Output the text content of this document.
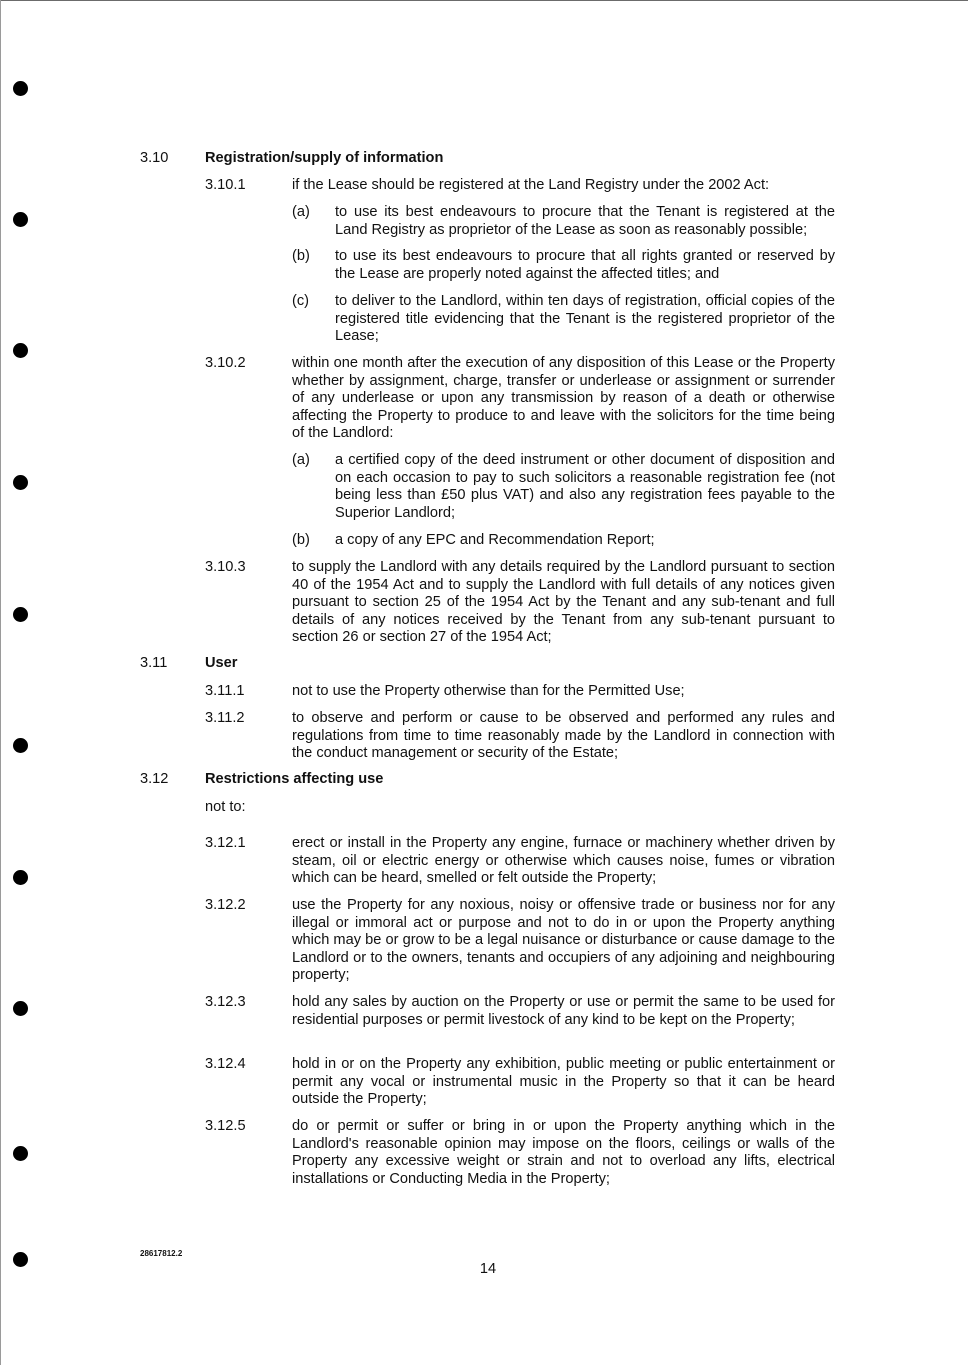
3.10	Registration/supply of information
3.10.1	if the Lease should be registered at the Land Registry under the 2002 Act:
(a) to use its best endeavours to procure that the Tenant is registered at the Land Registry as proprietor of the Lease as soon as reasonably possible;
(b) to use its best endeavours to procure that all rights granted or reserved by the Lease are properly noted against the affected titles; and
(c) to deliver to the Landlord, within ten days of registration, official copies of the registered title evidencing that the Tenant is the registered proprietor of the Lease;
3.10.2	within one month after the execution of any disposition of this Lease or the Property whether by assignment, charge, transfer or underlease or assignment or surrender of any underlease or upon any transmission by reason of a death or otherwise affecting the Property to produce to and leave with the solicitors for the time being of the Landlord:
(a) a certified copy of the deed instrument or other document of disposition and on each occasion to pay to such solicitors a reasonable registration fee (not being less than £50 plus VAT) and also any registration fees payable to the Superior Landlord;
(b) a copy of any EPC and Recommendation Report;
3.10.3	to supply the Landlord with any details required by the Landlord pursuant to section 40 of the 1954 Act and to supply the Landlord with full details of any notices given pursuant to section 25 of the 1954 Act by the Tenant and any sub-tenant and full details of any notices received by the Tenant from any sub-tenant pursuant to section 26 or section 27 of the 1954 Act;
3.11	User
3.11.1	not to use the Property otherwise than for the Permitted Use;
3.11.2	to observe and perform or cause to be observed and performed any rules and regulations from time to time reasonably made by the Landlord in connection with the conduct management or security of the Estate;
3.12	Restrictions affecting use
not to:
3.12.1	erect or install in the Property any engine, furnace or machinery whether driven by steam, oil or electric energy or otherwise which causes noise, fumes or vibration which can be heard, smelled or felt outside the Property;
3.12.2	use the Property for any noxious, noisy or offensive trade or business nor for any illegal or immoral act or purpose and not to do in or upon the Property anything which may be or grow to be a legal nuisance or disturbance or cause damage to the Landlord or to the owners, tenants and occupiers of any adjoining and neighbouring property;
3.12.3	hold any sales by auction on the Property or use or permit the same to be used for residential purposes or permit livestock of any kind to be kept on the Property;
3.12.4	hold in or on the Property any exhibition, public meeting or public entertainment or permit any vocal or instrumental music in the Property so that it can be heard outside the Property;
3.12.5	do or permit or suffer or bring in or upon the Property anything which in the Landlord's reasonable opinion may impose on the floors, ceilings or walls of the Property any excessive weight or strain and not to overload any lifts, electrical installations or Conducting Media in the Property;
28617812.2
14
